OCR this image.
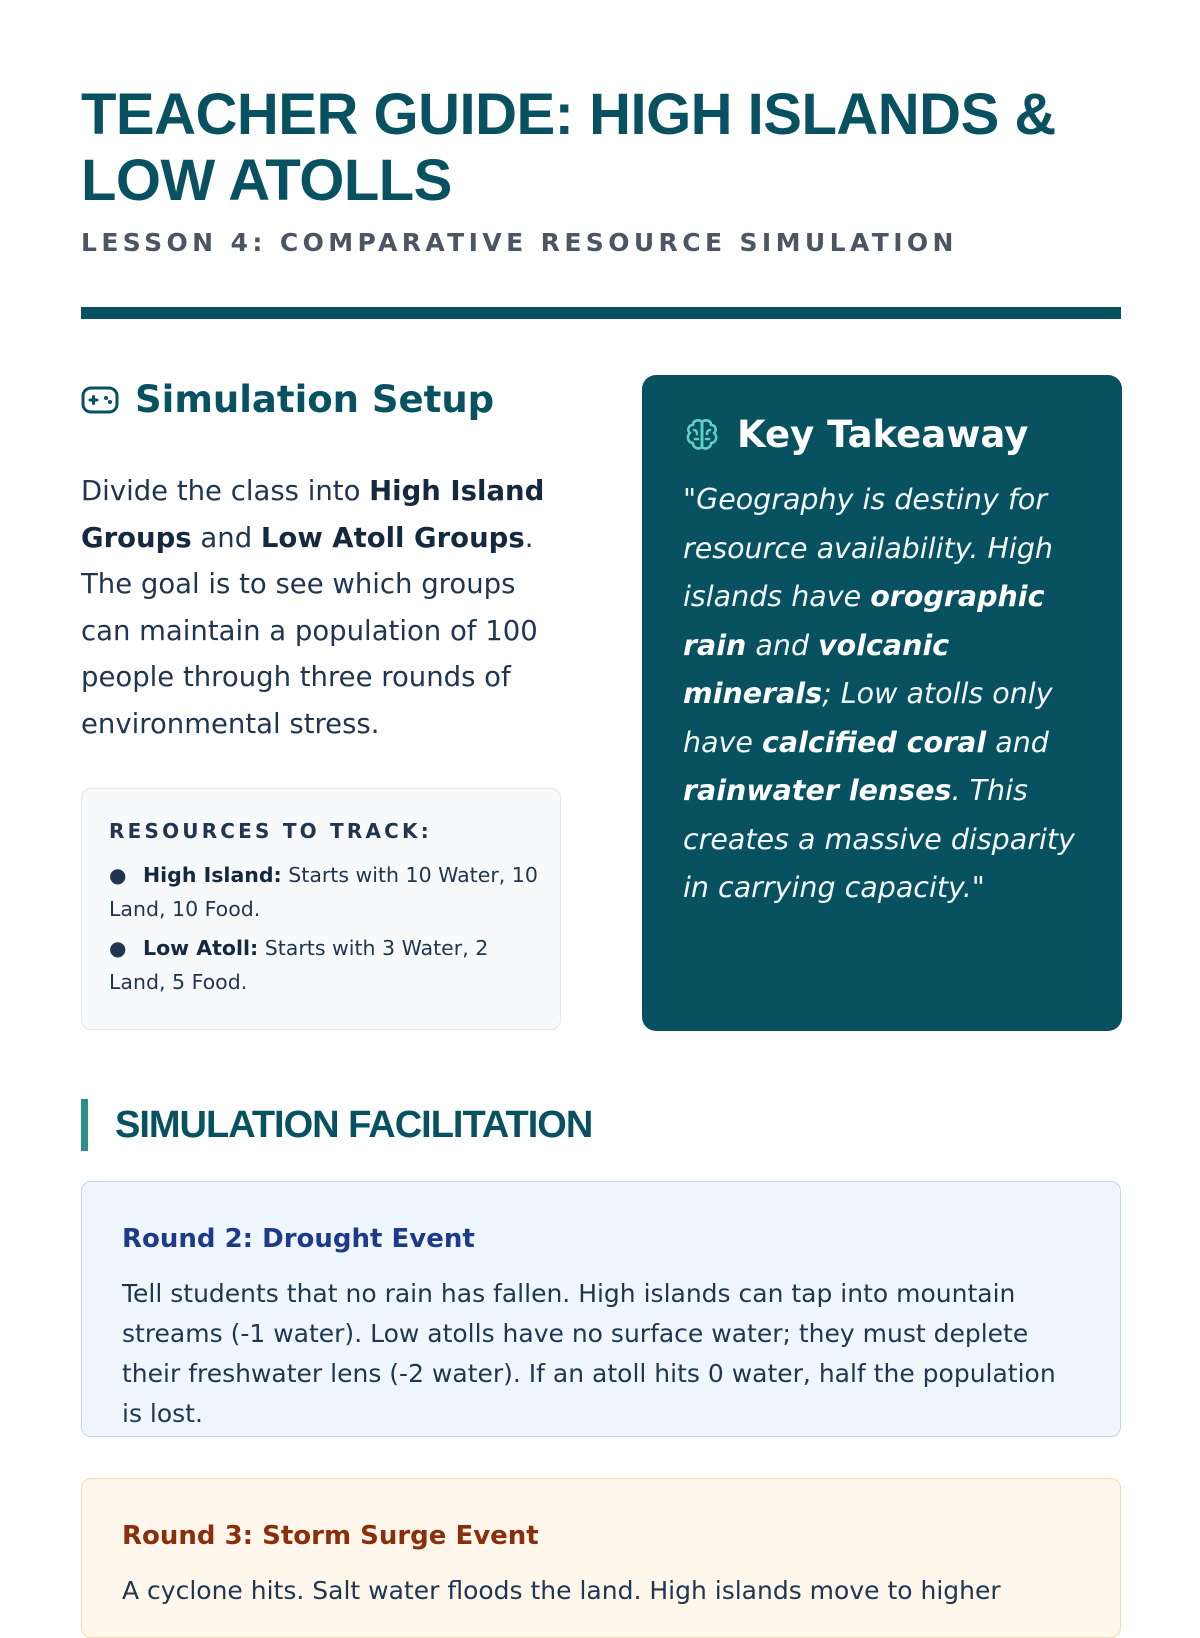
TEACHER GUIDE: HIGH ISLANDS & LOW ATOLLS
LESSON 4: COMPARATIVE RESOURCE SIMULATION
Simulation Setup
Divide the class into High Island Groups and Low Atoll Groups. The goal is to see which groups can maintain a population of 100 people through three rounds of environmental stress.
RESOURCES TO TRACK:
● High Island: Starts with 10 Water, 10 Land, 10 Food.
● Low Atoll: Starts with 3 Water, 2 Land, 5 Food.
Key Takeaway
"Geography is destiny for resource availability. High islands have orographic rain and volcanic minerals; Low atolls only have calcified coral and rainwater lenses. This creates a massive disparity in carrying capacity."
SIMULATION FACILITATION
Round 2: Drought Event
Tell students that no rain has fallen. High islands can tap into mountain streams (-1 water). Low atolls have no surface water; they must deplete their freshwater lens (-2 water). If an atoll hits 0 water, half the population is lost.
Round 3: Storm Surge Event
A cyclone hits. Salt water floods the land. High islands move to higher
